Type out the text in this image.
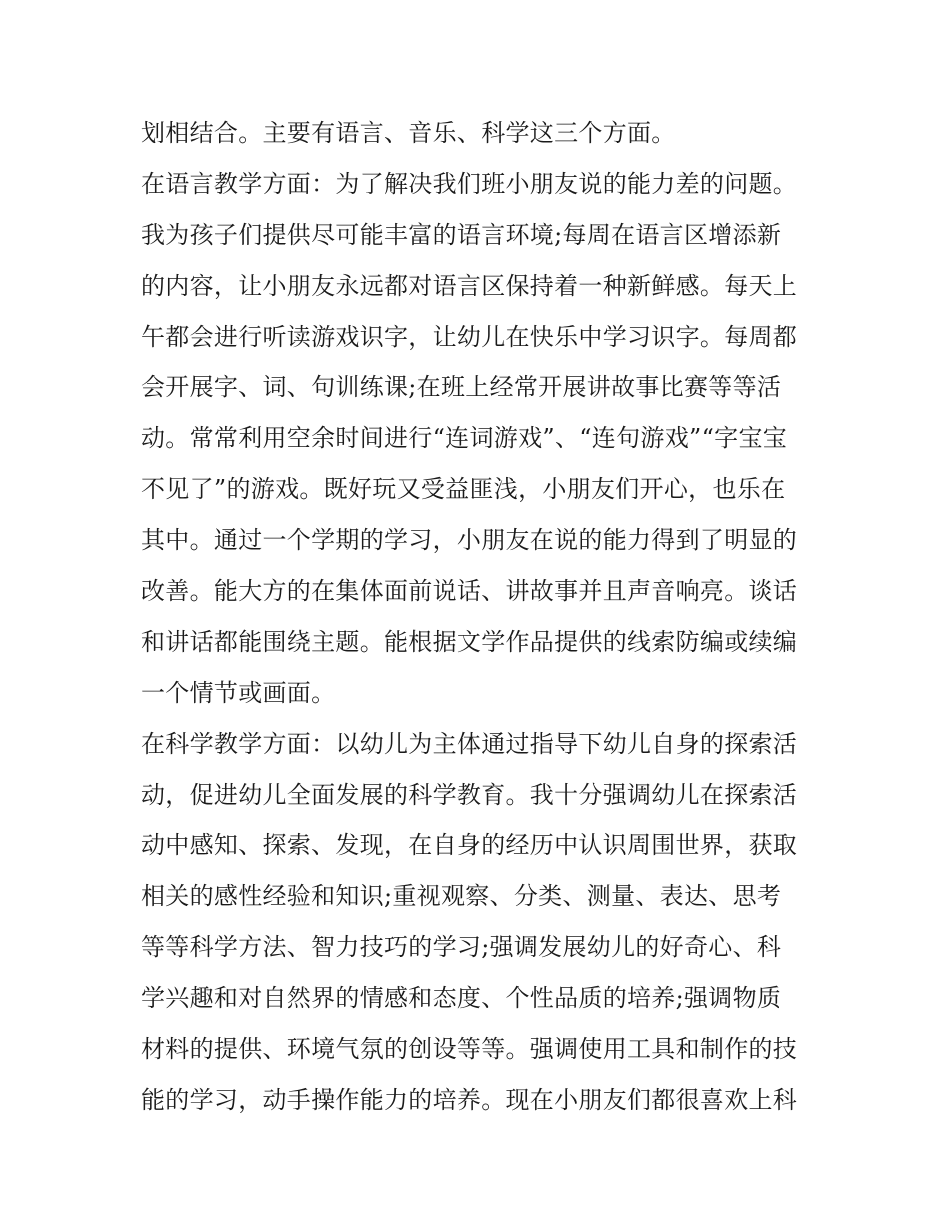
划相结合。主要有语言、音乐、科学这三个方面。
在语言教学方面：为了解决我们班小朋友说的能力差的问题。
我为孩子们提供尽可能丰富的语言环境;每周在语言区增添新
的内容，让小朋友永远都对语言区保持着一种新鲜感。每天上
午都会进行听读游戏识字，让幼儿在快乐中学习识字。每周都
会开展字、词、句训练课;在班上经常开展讲故事比赛等等活
动。常常利用空余时间进行“连词游戏”、“连句游戏”“字宝宝
不见了”的游戏。既好玩又受益匪浅，小朋友们开心，也乐在
其中。通过一个学期的学习，小朋友在说的能力得到了明显的
改善。能大方的在集体面前说话、讲故事并且声音响亮。谈话
和讲话都能围绕主题。能根据文学作品提供的线索防编或续编
一个情节或画面。
在科学教学方面：以幼儿为主体通过指导下幼儿自身的探索活
动，促进幼儿全面发展的科学教育。我十分强调幼儿在探索活
动中感知、探索、发现，在自身的经历中认识周围世界，获取
相关的感性经验和知识;重视观察、分类、测量、表达、思考
等等科学方法、智力技巧的学习;强调发展幼儿的好奇心、科
学兴趣和对自然界的情感和态度、个性品质的培养;强调物质
材料的提供、环境气氛的创设等等。强调使用工具和制作的技
能的学习，动手操作能力的培养。现在小朋友们都很喜欢上科
